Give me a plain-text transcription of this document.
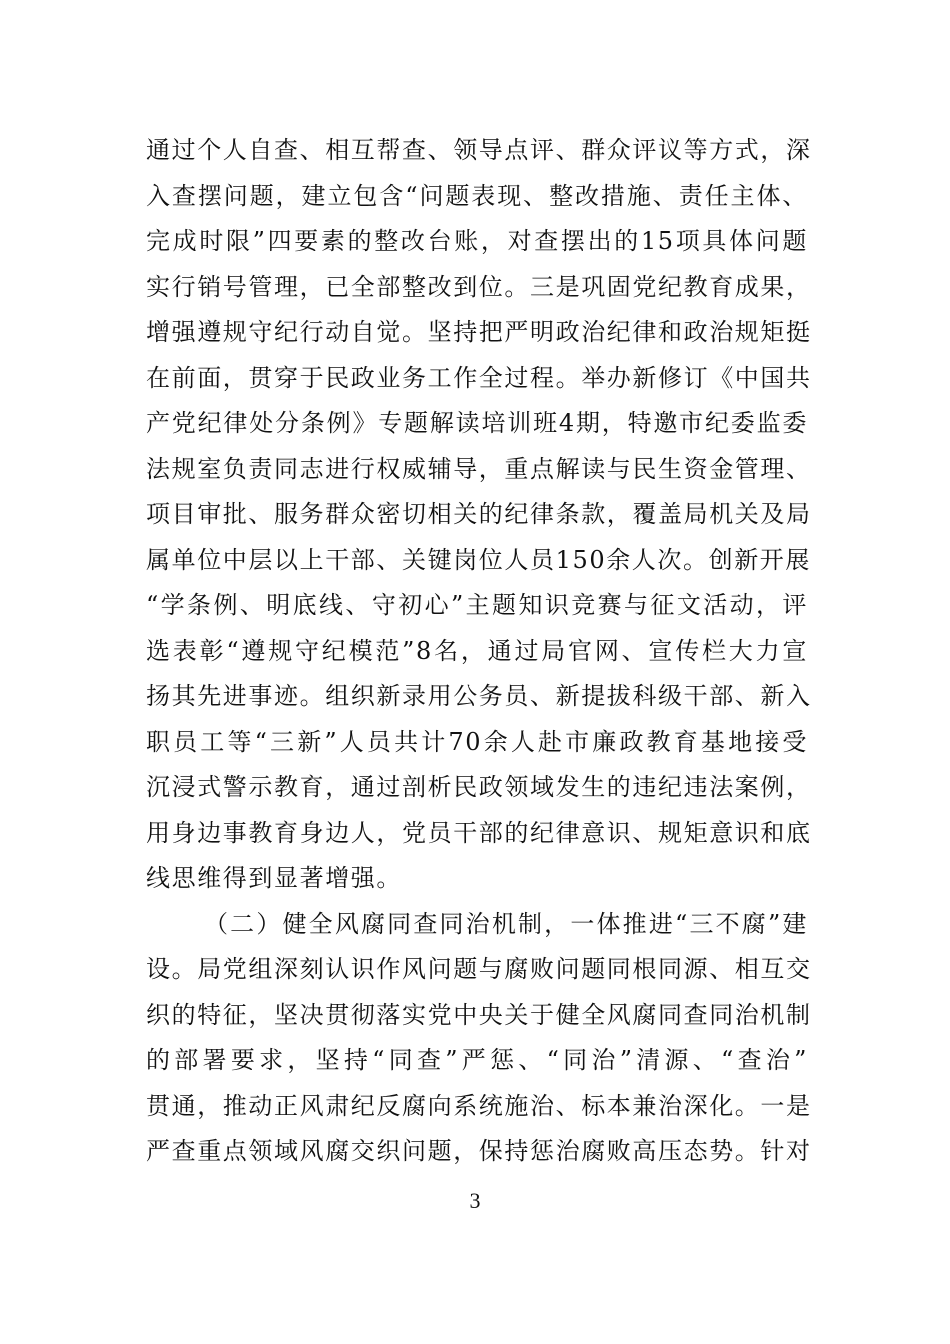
通过个人自查、相互帮查、领导点评、群众评议等方式，深
入查摆问题，建立包含“问题表现、整改措施、责任主体、
完成时限”四要素的整改台账，对查摆出的15项具体问题
实行销号管理，已全部整改到位。三是巩固党纪教育成果，
增强遵规守纪行动自觉。坚持把严明政治纪律和政治规矩挺
在前面，贯穿于民政业务工作全过程。举办新修订《中国共
产党纪律处分条例》专题解读培训班4期，特邀市纪委监委
法规室负责同志进行权威辅导，重点解读与民生资金管理、
项目审批、服务群众密切相关的纪律条款，覆盖局机关及局
属单位中层以上干部、关键岗位人员150余人次。创新开展
“学条例、明底线、守初心”主题知识竞赛与征文活动，评
选表彰“遵规守纪模范”8名，通过局官网、宣传栏大力宣
扬其先进事迹。组织新录用公务员、新提拔科级干部、新入
职员工等“三新”人员共计70余人赴市廉政教育基地接受
沉浸式警示教育，通过剖析民政领域发生的违纪违法案例，
用身边事教育身边人，党员干部的纪律意识、规矩意识和底
线思维得到显著增强。
（二）健全风腐同查同治机制，一体推进“三不腐”建
设。局党组深刻认识作风问题与腐败问题同根同源、相互交
织的特征，坚决贯彻落实党中央关于健全风腐同查同治机制
的部署要求，坚持“同查”严惩、“同治”清源、“查治”
贯通，推动正风肃纪反腐向系统施治、标本兼治深化。一是
严查重点领域风腐交织问题，保持惩治腐败高压态势。针对
3
